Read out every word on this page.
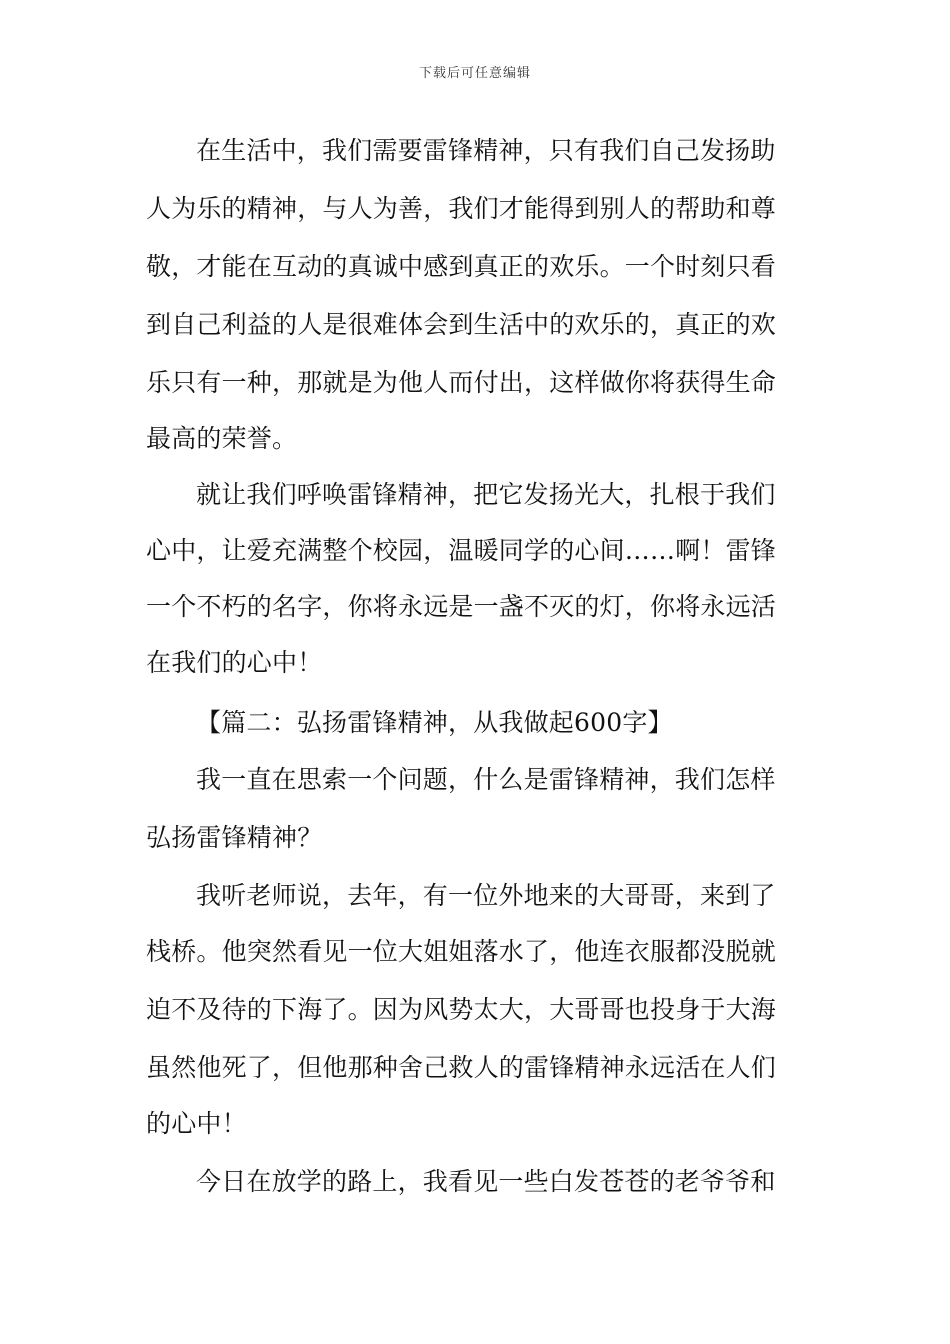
下载后可任意编辑
在生活中，我们需要雷锋精神，只有我们自己发扬助
人为乐的精神，与人为善，我们才能得到别人的帮助和尊
敬，才能在互动的真诚中感到真正的欢乐。一个时刻只看
到自己利益的人是很难体会到生活中的欢乐的，真正的欢
乐只有一种，那就是为他人而付出，这样做你将获得生命
最高的荣誉。
就让我们呼唤雷锋精神，把它发扬光大，扎根于我们
心中，让爱充满整个校园，温暖同学的心间……啊！雷锋
一个不朽的名字，你将永远是一盏不灭的灯，你将永远活
在我们的心中！
【篇二：弘扬雷锋精神，从我做起600字】
我一直在思索一个问题，什么是雷锋精神，我们怎样
弘扬雷锋精神？
我听老师说，去年，有一位外地来的大哥哥，来到了
栈桥。他突然看见一位大姐姐落水了，他连衣服都没脱就
迫不及待的下海了。因为风势太大，大哥哥也投身于大海
虽然他死了，但他那种舍己救人的雷锋精神永远活在人们
的心中！
今日在放学的路上，我看见一些白发苍苍的老爷爷和
